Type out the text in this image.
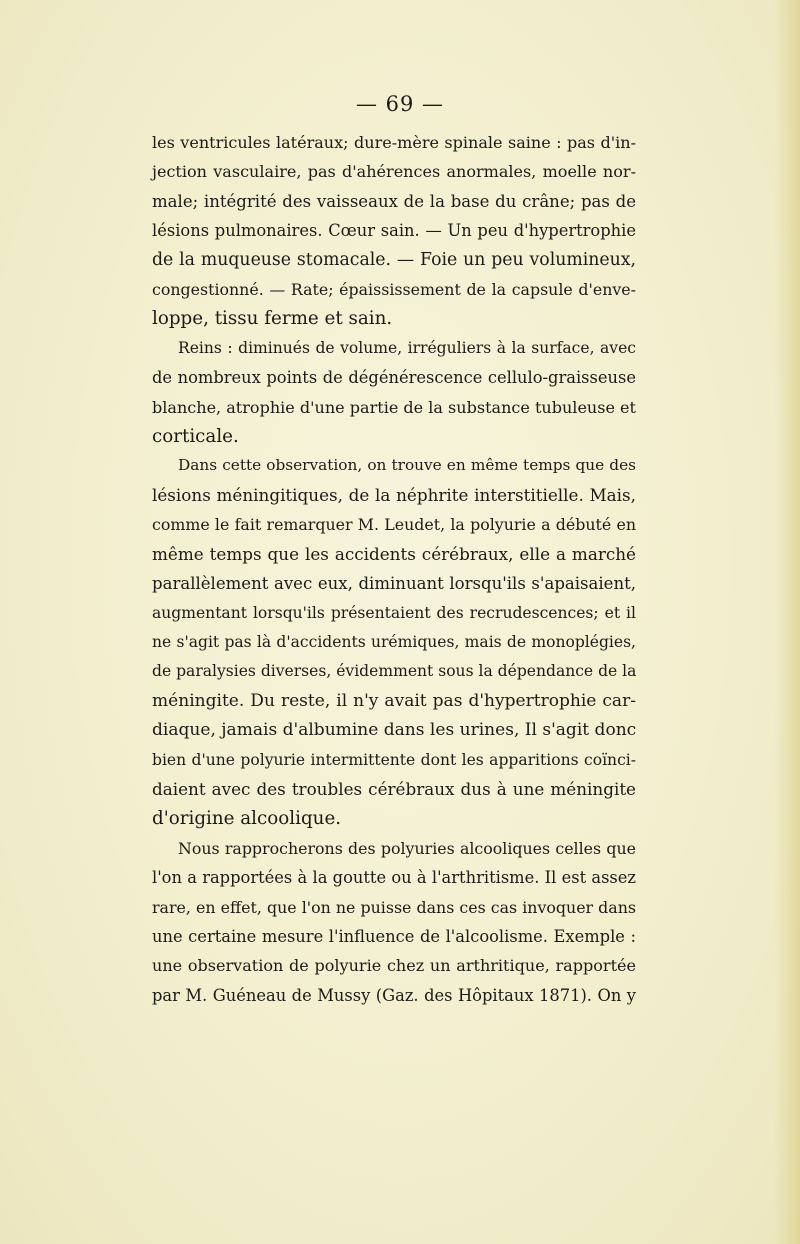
— 69 —
les ventricules latéraux; dure-mère spinale saine : pas d'in-
jection vasculaire, pas d'ahérences anormales, moelle nor-
male; intégrité des vaisseaux de la base du crâne; pas de
lésions pulmonaires. Cœur sain. — Un peu d'hypertrophie
de la muqueuse stomacale. — Foie un peu volumineux,
congestionné. — Rate; épaississement de la capsule d'enve-
loppe, tissu ferme et sain.
Reins : diminués de volume, irréguliers à la surface, avec
de nombreux points de dégénérescence cellulo-graisseuse
blanche, atrophie d'une partie de la substance tubuleuse et
corticale.
Dans cette observation, on trouve en même temps que des
lésions méningitiques, de la néphrite interstitielle. Mais,
comme le fait remarquer M. Leudet, la polyurie a débuté en
même temps que les accidents cérébraux, elle a marché
parallèlement avec eux, diminuant lorsqu'ils s'apaisaient,
augmentant lorsqu'ils présentaient des recrudescences; et il
ne s'agit pas là d'accidents urémiques, mais de monoplégies,
de paralysies diverses, évidemment sous la dépendance de la
méningite. Du reste, il n'y avait pas d'hypertrophie car-
diaque, jamais d'albumine dans les urines, Il s'agit donc
bien d'une polyurie intermittente dont les apparitions coïnci-
daient avec des troubles cérébraux dus à une méningite
d'origine alcoolique.
Nous rapprocherons des polyuries alcooliques celles que
l'on a rapportées à la goutte ou à l'arthritisme. Il est assez
rare, en effet, que l'on ne puisse dans ces cas invoquer dans
une certaine mesure l'influence de l'alcoolisme. Exemple :
une observation de polyurie chez un arthritique, rapportée
par M. Guéneau de Mussy (Gaz. des Hôpitaux 1871). On y
